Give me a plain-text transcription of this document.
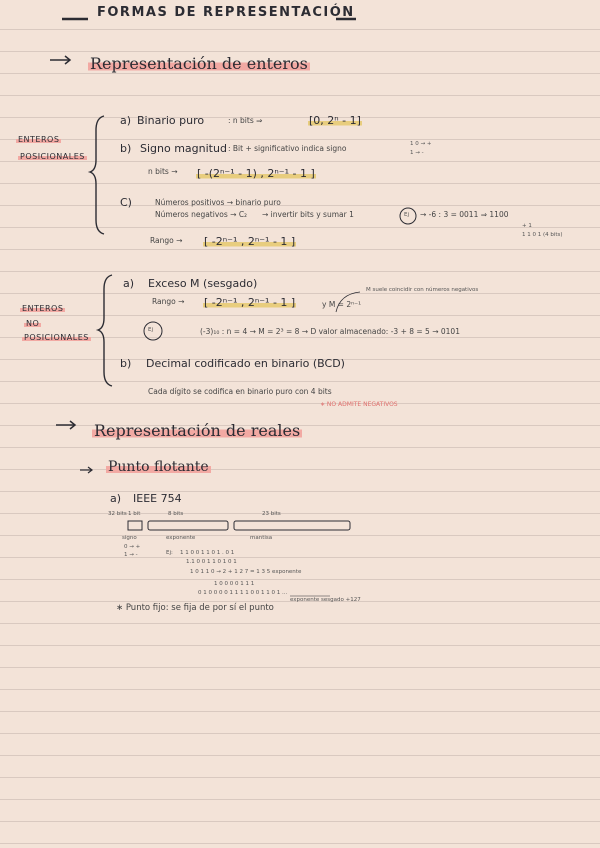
FORMAS DE REPRESENTACIÓN
Representación de enteros
ENTEROS
POSICIONALES
a) Binario puro	: n bits ⇒	[0, 2ⁿ - 1]
b) Signo magnitud : Bit + significativo indica signo	1 0 → +
1 → -
n bits → [ -(2ⁿ⁻¹ - 1) , 2ⁿ⁻¹ - 1 ]
C)	Números positivos → binario puro
Números negativos → C₂ → invertir bits y sumar 1	Ej → -6 : 3 = 0011 ⇒ 1100
+ 1
1 1 0 1 (4 bits)
Rango → [ -2ⁿ⁻¹ , 2ⁿ⁻¹ - 1 ]
ENTEROS
NO
POSICIONALES
a) Exceso M (sesgado)
Rango → [ -2ⁿ⁻¹ , 2ⁿ⁻¹ - 1 ]	y M = 2ⁿ⁻¹
M suele coincidir con números negativos
Ej	(-3)₁₀ : n = 4 → M = 2³ = 8 → D valor almacenado: -3 + 8 = 5 → 0101
b) Decimal codificado en binario (BCD)
Cada dígito se codifica en binario puro con 4 bits
∗ NO ADMITE NEGATIVOS
Representación de reales
Punto flotante
a) IEEE 754
32 bits 1 bit	8 bits	23 bits
signo
0 → +
1 → -
exponente	mantisa
Ej: 1 1 0 0 1 1 0 1 . 0 1
1.1 0 0 1 1 0 1 0 1
1 0 1 1 0 → 2 + 1 2 7 = 1 3 5 exponente
1 0 0 0 0 1 1 1
0 1 0 0 0 0 1 1 1 1 0 0 1 1 0 1 ...
exponente sesgado +127
∗ Punto fijo: se fija de por sí el punto
